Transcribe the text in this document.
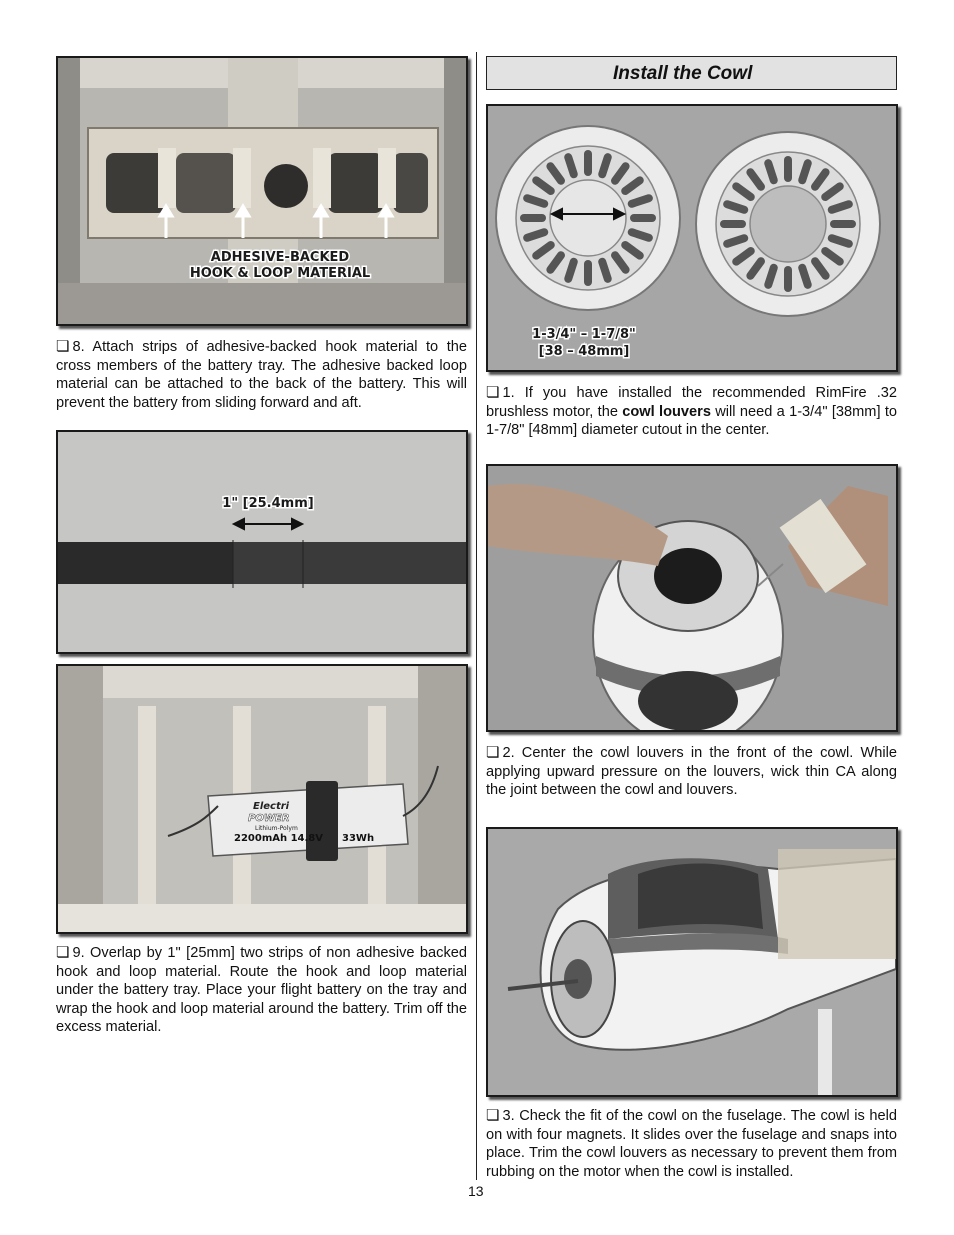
ADHESIVE-BACKED
HOOK & LOOP MATERIAL

❏ 8. Attach strips of adhesive-backed hook material to the cross members of the battery tray. The adhesive backed loop material can be attached to the back of the battery. This will prevent the battery from sliding forward and aft.

1" [25.4mm]
Electri
POWER
Lithium-Polym
2200mAh 14.8V 33Wh

❏ 9. Overlap by 1" [25mm] two strips of non adhesive backed hook and loop material. Route the hook and loop material under the battery tray. Place your flight battery on the tray and wrap the hook and loop material around the battery. Trim off the excess material.

Install the Cowl
1-3/4" – 1-7/8"
[38 – 48mm]

❏ 1. If you have installed the recommended RimFire .32 brushless motor, the cowl louvers will need a 1-3/4" [38mm] to 1-7/8" [48mm] diameter cutout in the center.

❏ 2. Center the cowl louvers in the front of the cowl. While applying upward pressure on the louvers, wick thin CA along the joint between the cowl and louvers.

❏ 3. Check the fit of the cowl on the fuselage. The cowl is held on with four magnets. It slides over the fuselage and snaps into place. Trim the cowl louvers as necessary to prevent them from rubbing on the motor when the cowl is installed.

13
